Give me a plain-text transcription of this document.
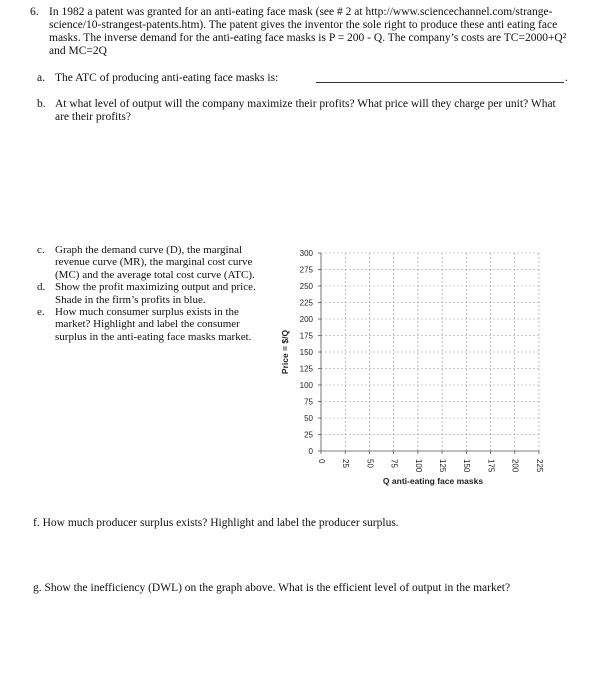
6. In 1982 a patent was granted for an anti-eating face mask (see # 2 at http://www.sciencechannel.com/strange-science/10-strangest-patents.htm). The patent gives the inventor the sole right to produce these anti eating face masks. The inverse demand for the anti-eating face masks is P = 200 - Q. The company’s costs are TC=2000+Q² and MC=2Q
a. The ATC of producing anti-eating face masks is:	.
b. At what level of output will the company maximize their profits? What price will they charge per unit? What are their profits?
c. Graph the demand curve (D), the marginal revenue curve (MR), the marginal cost curve (MC) and the average total cost curve (ATC).
d. Show the profit maximizing output and price. Shade in the firm’s profits in blue.
e. How much consumer surplus exists in the market? Highlight and label the consumer surplus in the anti-eating face masks market.
0
25
50
75
100
125
150
175
200
225
250
275
300
0 25 50 75 100 125 150 175 200 225
Price = $/Q
Q anti-eating face masks
f. How much producer surplus exists? Highlight and label the producer surplus.
g. Show the inefficiency (DWL) on the graph above. What is the efficient level of output in the market?
